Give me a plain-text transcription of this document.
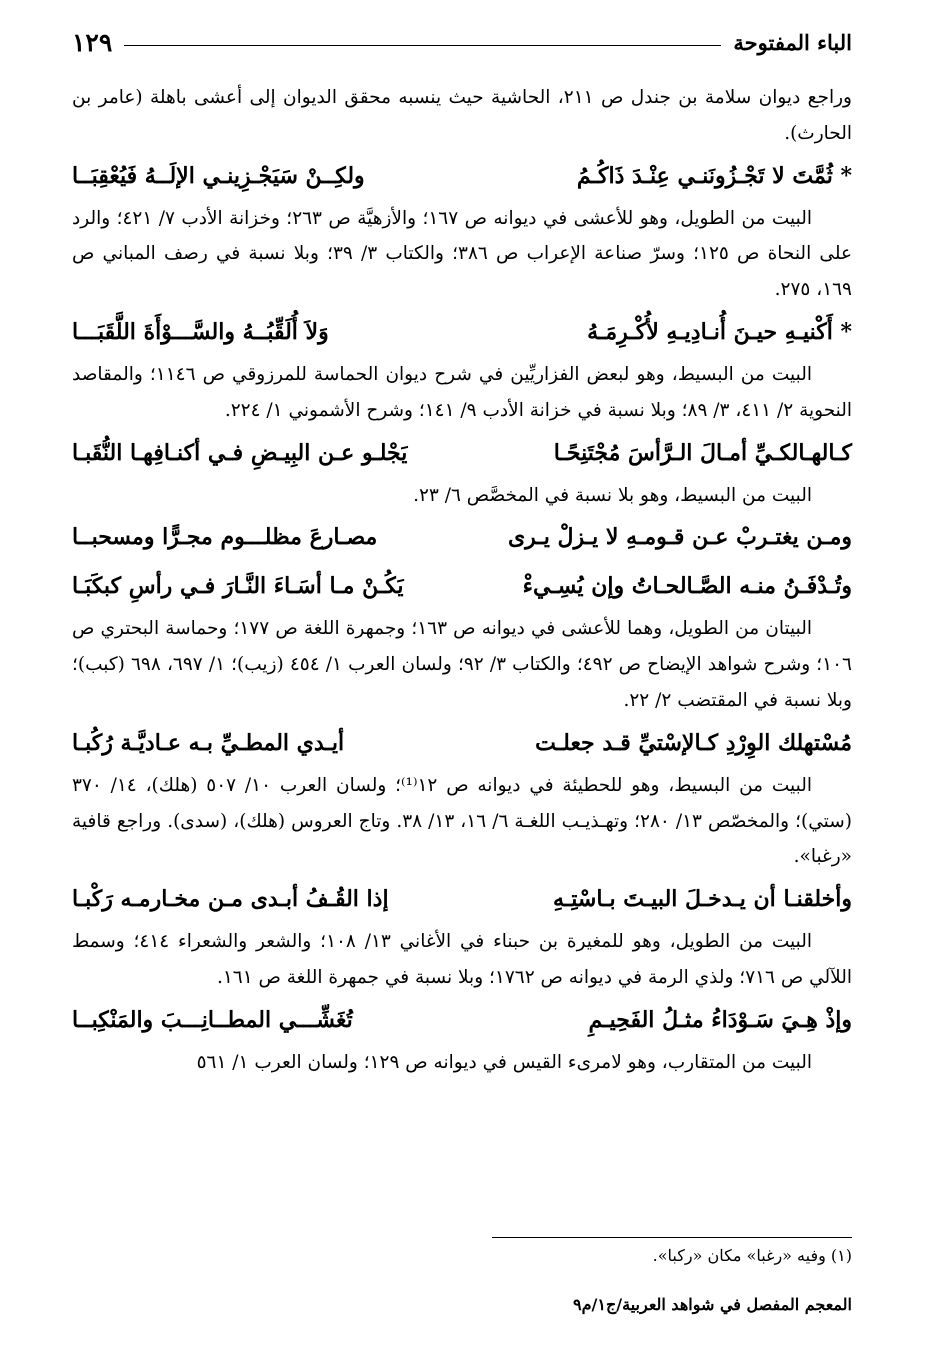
الباء المفتوحة
١٢٩

وراجع ديوان سلامة بن جندل ص ٢١١، الحاشية حيث ينسبه محقق الديوان إلى أعشى باهلة (عامر بن الحارث).

* ثُمَّتَ لا تَجْـزُونَنـي عِنْـدَ ذَاكُـمُ
ولكِــنْ سَيَجْـزِينـي الإلَــهُ فَيُعْقِبَــا

البيت من الطويل، وهو للأعشى في ديوانه ص ١٦٧؛ والأزهيَّة ص ٢٦٣؛ وخزانة الأدب ٧/ ٤٢١؛ والرد على النحاة ص ١٢٥؛ وسرّ صناعة الإعراب ص ٣٨٦؛ والكتاب ٣/ ٣٩؛ وبلا نسبة في رصف المباني ص ١٦٩، ٢٧٥.

* أَكْنيـهِ حيـنَ أُنـادِيـهِ لأُكْـرِمَـهُ
وَلاَ أُلَقِّبُــهُ والسَّـــوْأَةَ اللَّقَبَـــا

البيت من البسيط، وهو لبعض الفزاريِّين في شرح ديوان الحماسة للمرزوقي ص ١١٤٦؛ والمقاصد النحوية ٢/ ٤١١، ٣/ ٨٩؛ وبلا نسبة في خزانة الأدب ٩/ ١٤١؛ وشرح الأشموني ١/ ٢٢٤.

كـالهـالكـيِّ أمـالَ الـرَّأسَ مُجْتَنِحًـا
يَجْلـو عـن البِيـضِ فـي أكنـافِهـا النُّقَبـا

البيت من البسيط، وهو بلا نسبة في المخصَّص ٦/ ٢٣.

ومـن يغتـربْ عـن قـومـهِ لا يـزلْ يـرى
مصـارعَ مظلـــوم مجـرًّا ومسحبــا
وتُـدْفَـنُ منـه الصَّـالحـاتُ وإن يُسِـيءْ
يَكُـنْ مـا أسَـاءَ النَّـارَ فـي رأسِ كبكَبَـا

البيتان من الطويل، وهما للأعشى في ديوانه ص ١٦٣؛ وجمهرة اللغة ص ١٧٧؛ وحماسة البحتري ص ١٠٦؛ وشرح شواهد الإيضاح ص ٤٩٢؛ والكتاب ٣/ ٩٢؛ ولسان العرب ١/ ٤٥٤ (زيب)؛ ١/ ٦٩٧، ٦٩٨ (كبب)؛ وبلا نسبة في المقتضب ٢/ ٢٢.

مُسْتهلك الوِرْدِ كـالإسْتيِّ قـد جعلـت
أيـدي المطـيِّ بـه عـاديَّـة رُكُبـا

البيت من البسيط، وهو للحطيئة في ديوانه ص ١٢⁽¹⁾؛ ولسان العرب ١٠/ ٥٠٧ (هلك)، ١٤/ ٣٧٠ (ستي)؛ والمخصّص ١٣/ ٢٨٠؛ وتهـذيـب اللغـة ٦/ ١٦، ١٣/ ٣٨. وتاج العروس (هلك)، (سدى). وراجع قافية «رغبا».

وأخلقنـا أن يـدخـلَ البيـتَ بـاسْتِـهِ
إذا القُـفُ أبـدى مـن مخـارمـه رَكْبـا

البيت من الطويل، وهو للمغيرة بن حبناء في الأغاني ١٣/ ١٠٨؛ والشعر والشعراء ٤١٤؛ وسمط اللآلي ص ٧١٦؛ ولذي الرمة في ديوانه ص ١٧٦٢؛ وبلا نسبة في جمهرة اللغة ص ١٦١.

وإذْ هِـيَ سَـوْدَاءُ مثـلُ الفَحِيـمِ
تُغَشِّـــي المطــانِـــبَ والمَنْكِبــا

البيت من المتقارب، وهو لامرىء القيس في ديوانه ص ١٢٩؛ ولسان العرب ١/ ٥٦١

(١) وفيه «رغبا» مكان «ركبا».
المعجم المفصل في شواهد العربية/ج١/م٩
